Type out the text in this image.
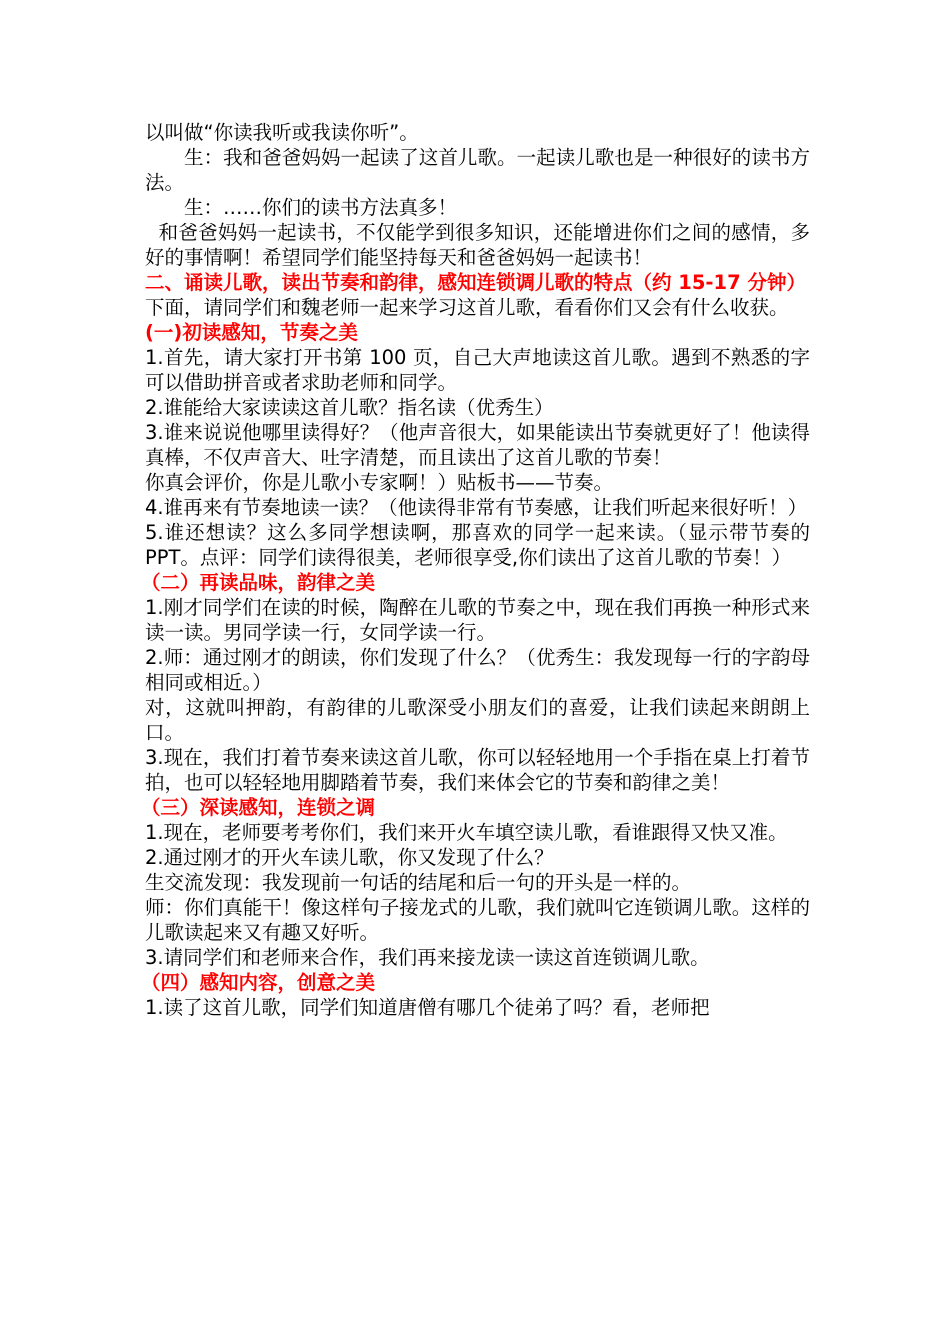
以叫做“你读我听或我读你听”。

生：我和爸爸妈妈一起读了这首儿歌。一起读儿歌也是一种很好的读书方法。

生：……你们的读书方法真多！

和爸爸妈妈一起读书，不仅能学到很多知识，还能增进你们之间的感情，多好的事情啊！希望同学们能坚持每天和爸爸妈妈一起读书！

二、诵读儿歌，读出节奏和韵律，感知连锁调儿歌的特点（约 15-17 分钟）

下面，请同学们和魏老师一起来学习这首儿歌，看看你们又会有什么收获。

(一)初读感知，节奏之美

1.首先，请大家打开书第 100 页，自己大声地读这首儿歌。遇到不熟悉的字可以借助拼音或者求助老师和同学。

2.谁能给大家读读这首儿歌？指名读（优秀生）

3.谁来说说他哪里读得好？（他声音很大，如果能读出节奏就更好了！他读得真棒，不仅声音大、吐字清楚，而且读出了这首儿歌的节奏！

你真会评价，你是儿歌小专家啊！）贴板书——节奏。

4.谁再来有节奏地读一读？（他读得非常有节奏感，让我们听起来很好听！）

5.谁还想读？这么多同学想读啊，那喜欢的同学一起来读。（显示带节奏的 PPT。点评：同学们读得很美，老师很享受,你们读出了这首儿歌的节奏！）

（二）再读品味，韵律之美

1.刚才同学们在读的时候，陶醉在儿歌的节奏之中，现在我们再换一种形式来读一读。男同学读一行，女同学读一行。

2.师：通过刚才的朗读，你们发现了什么？（优秀生：我发现每一行的字韵母相同或相近。）

对，这就叫押韵，有韵律的儿歌深受小朋友们的喜爱，让我们读起来朗朗上口。

3.现在，我们打着节奏来读这首儿歌，你可以轻轻地用一个手指在桌上打着节拍，也可以轻轻地用脚踏着节奏，我们来体会它的节奏和韵律之美！

（三）深读感知，连锁之调

1.现在，老师要考考你们，我们来开火车填空读儿歌，看谁跟得又快又准。

2.通过刚才的开火车读儿歌，你又发现了什么？

生交流发现：我发现前一句话的结尾和后一句的开头是一样的。

师：你们真能干！像这样句子接龙式的儿歌，我们就叫它连锁调儿歌。这样的儿歌读起来又有趣又好听。

3.请同学们和老师来合作，我们再来接龙读一读这首连锁调儿歌。

（四）感知内容，创意之美

1.读了这首儿歌，同学们知道唐僧有哪几个徒弟了吗？看，老师把
